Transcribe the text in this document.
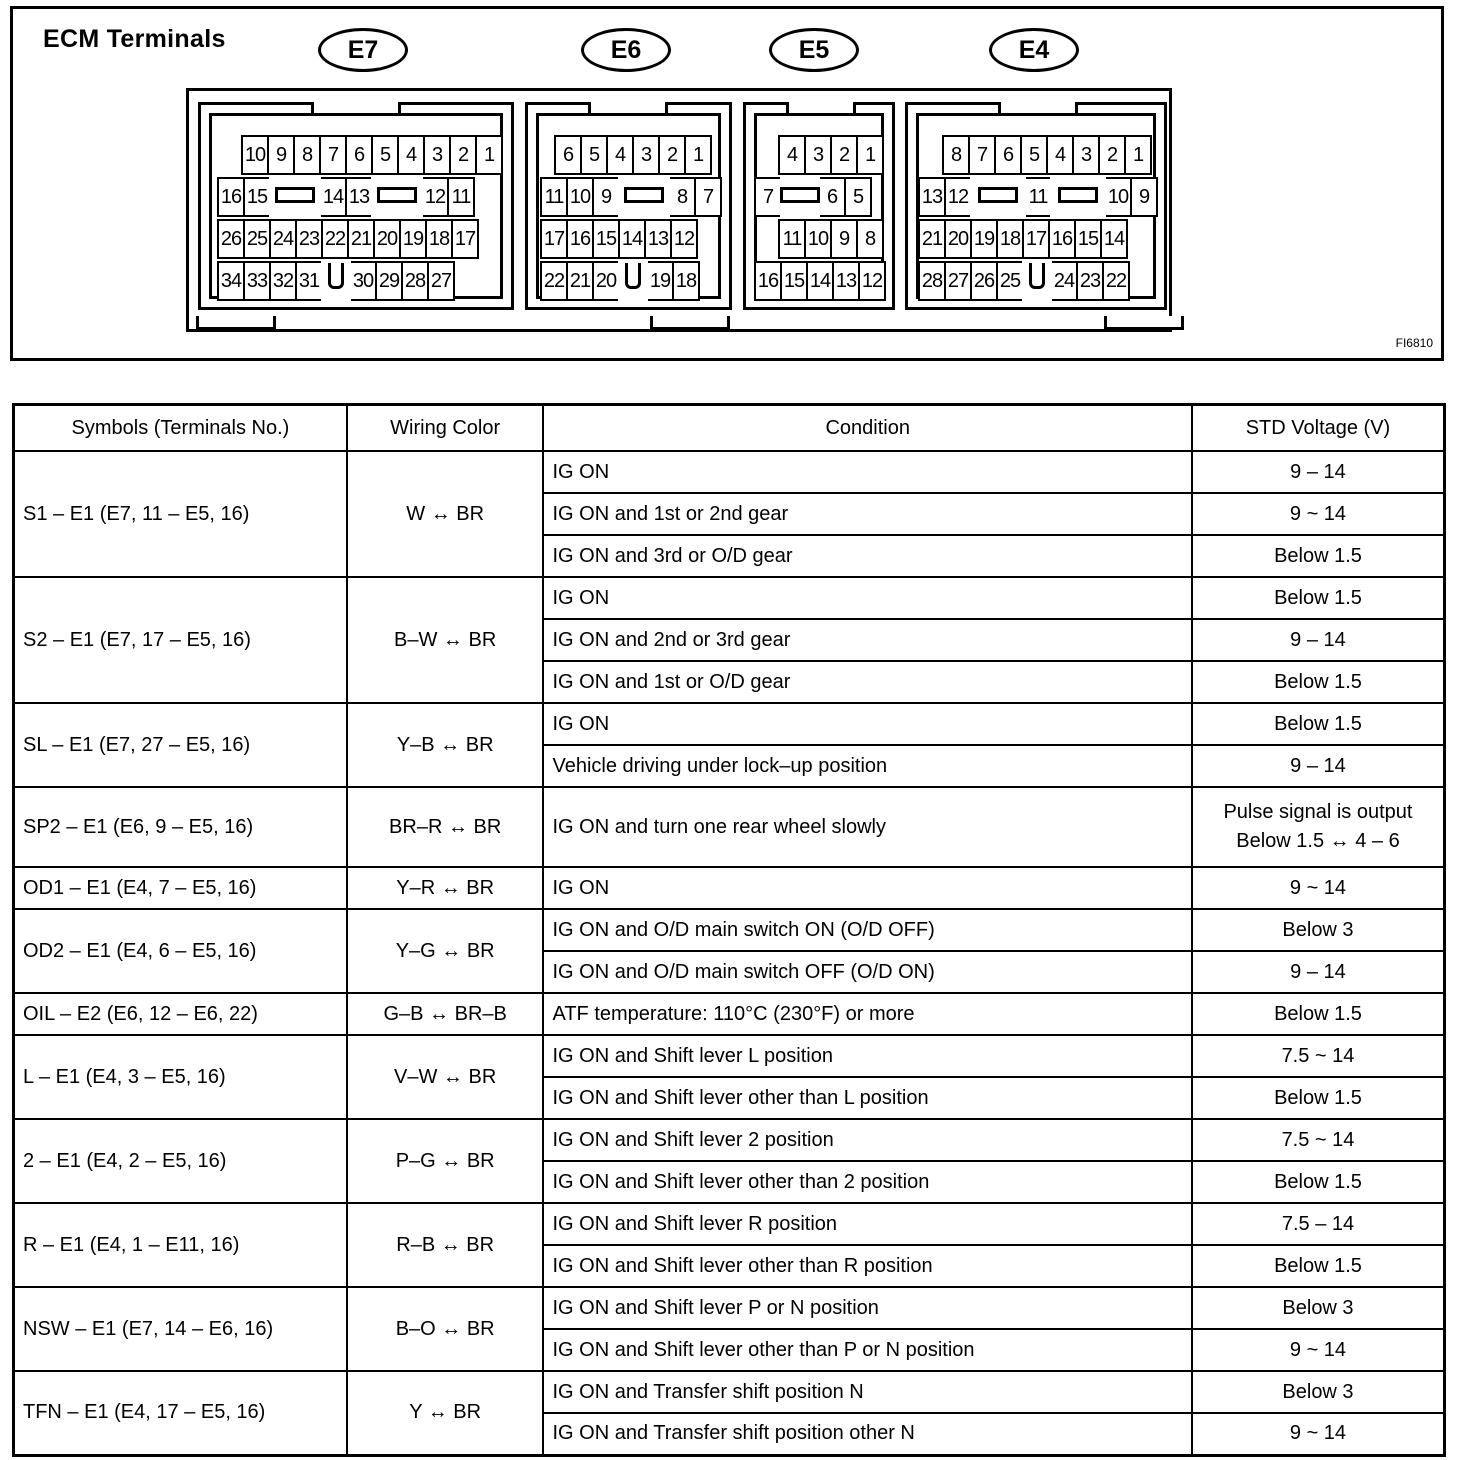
ECM Terminals
FI6810
E7	E6	E5	E4
10 9 8 7 6 5 4 3 2 1
16 15	14 13	12 11
26 25 24 23 22 21 20 19 18 17
34 33 32 31 30 29 28 27
6 5 4 3 2 1
11 10 9	8 7
17 16 15 14 13 12
22 21 20 19 18
4 3 2 1
7	6 5
11 10 9 8
16 15 14 13 12
8 7 6 5 4 3 2 1
13 12	11	10 9
21 20 19 18 17 16 15 14
28 27 26 25 24 23 22
Symbols (Terminals No.)	Wiring Color	Condition	STD Voltage (V)
S1 – E1 (E7, 11 – E5, 16)	W ↔ BR	IG ON	9 – 14
		IG ON and 1st or 2nd gear	9 ~ 14
		IG ON and 3rd or O/D gear	Below 1.5
S2 – E1 (E7, 17 – E5, 16)	B–W ↔ BR	IG ON	Below 1.5
		IG ON and 2nd or 3rd gear	9 – 14
		IG ON and 1st or O/D gear	Below 1.5
SL – E1 (E7, 27 – E5, 16)	Y–B ↔ BR	IG ON	Below 1.5
		Vehicle driving under lock–up position	9 – 14
SP2 – E1 (E6, 9 – E5, 16)	BR–R ↔ BR	IG ON and turn one rear wheel slowly	Pulse signal is output
Below 1.5 ↔ 4 – 6

OD1 – E1 (E4, 7 – E5, 16)	Y–R ↔ BR	IG ON	9 ~ 14
OD2 – E1 (E4, 6 – E5, 16)	Y–G ↔ BR	IG ON and O/D main switch ON (O/D OFF)	Below 3
		IG ON and O/D main switch OFF (O/D ON)	9 – 14
OIL – E2 (E6, 12 – E6, 22)	G–B ↔ BR–B	ATF temperature: 110°C (230°F) or more	Below 1.5
L – E1 (E4, 3 – E5, 16)	V–W ↔ BR	IG ON and Shift lever L position	7.5 ~ 14
		IG ON and Shift lever other than L position	Below 1.5
2 – E1 (E4, 2 – E5, 16)	P–G ↔ BR	IG ON and Shift lever 2 position	7.5 ~ 14
		IG ON and Shift lever other than 2 position	Below 1.5
R – E1 (E4, 1 – E11, 16)	R–B ↔ BR	IG ON and Shift lever R position	7.5 – 14
		IG ON and Shift lever other than R position	Below 1.5
NSW – E1 (E7, 14 – E6, 16)	B–O ↔ BR	IG ON and Shift lever P or N position	Below 3
		IG ON and Shift lever other than P or N position	9 ~ 14
TFN – E1 (E4, 17 – E5, 16)	Y ↔ BR	IG ON and Transfer shift position N	Below 3
		IG ON and Transfer shift position other N	9 ~ 14
